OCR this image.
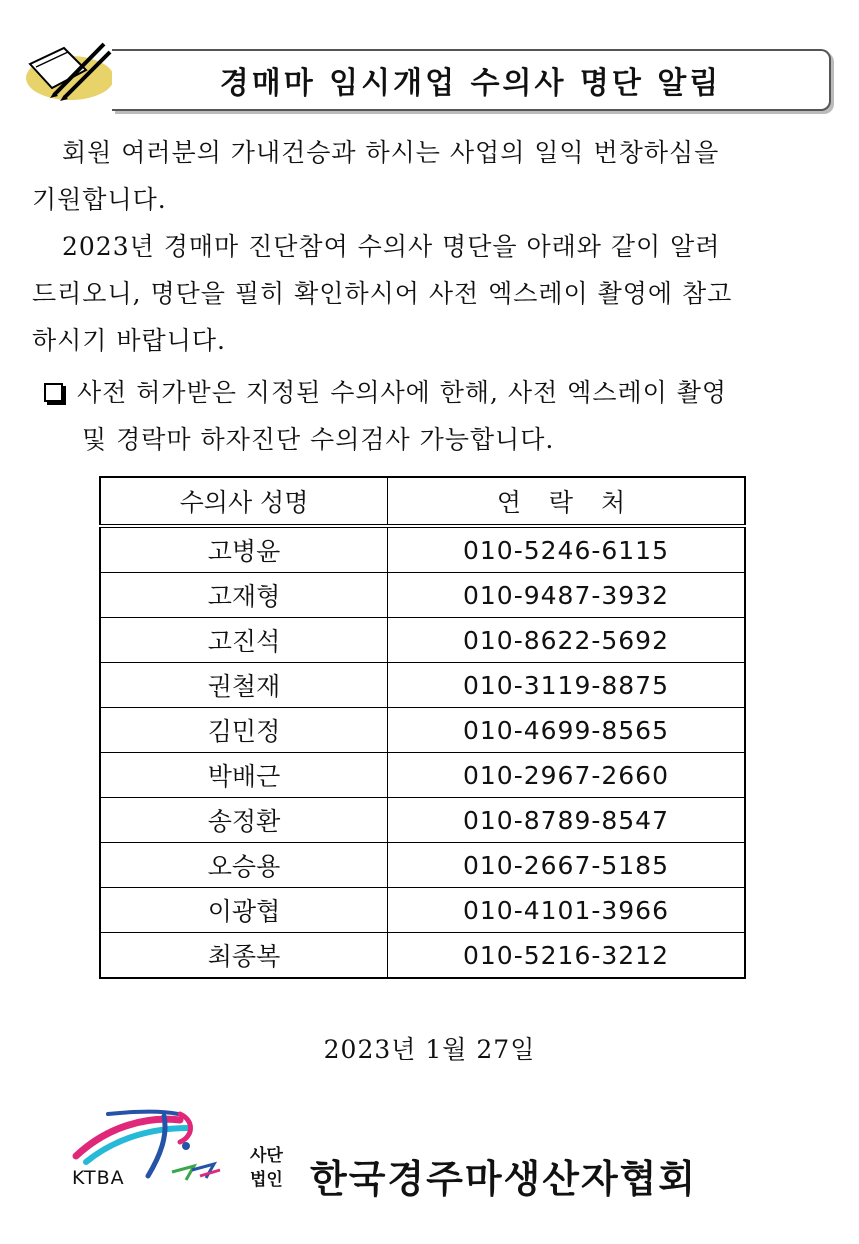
경매마 임시개업 수의사 명단 알림
회원 여러분의 가내건승과 하시는 사업의 일익 번창하심을
기원합니다.
2023년 경매마 진단참여 수의사 명단을 아래와 같이 알려
드리오니, 명단을 필히 확인하시어 사전 엑스레이 촬영에 참고
하시기 바랍니다.
사전 허가받은 지정된 수의사에 한해, 사전 엑스레이 촬영
및 경락마 하자진단 수의검사 가능합니다.
수의사 성명	연 락 처
고병윤	010-5246-6115
고재형	010-9487-3932
고진석	010-8622-5692
권철재	010-3119-8875
김민정	010-4699-8565
박배근	010-2967-2660
송정환	010-8789-8547
오승용	010-2667-5185
이광협	010-4101-3966
최종복	010-5216-3212
2023년 1월 27일
KTBA
사단
법인 한국경주마생산자협회
